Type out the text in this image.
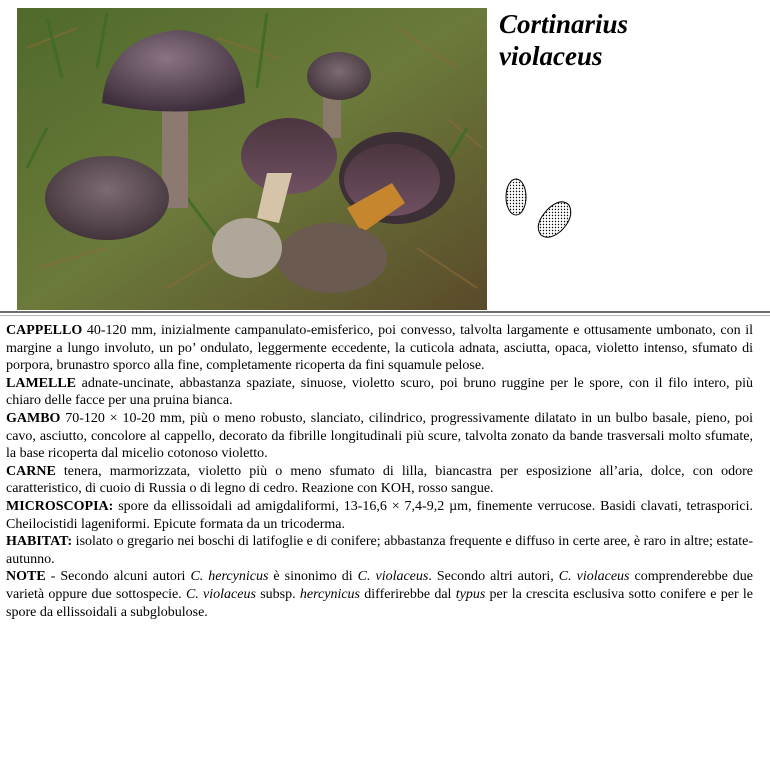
Cortinarius
violaceus

CAPPELLO 40-120 mm, inizialmente campanulato-emisferico, poi convesso, talvolta largamente e ottusamente umbonato, con il margine a lungo involuto, un po’ ondulato, leggermente eccedente, la cuticola adnata, asciutta, opaca, violetto intenso, sfumato di porpora, brunastro sporco alla fine, completamente ricoperta da fini squamule pelose.

LAMELLE adnate-uncinate, abbastanza spaziate, sinuose, violetto scuro, poi bruno ruggine per le spore, con il filo intero, più chiaro delle facce per una pruina bianca.

GAMBO 70-120 × 10-20 mm, più o meno robusto, slanciato, cilindrico, progressivamente dilatato in un bulbo basale, pieno, poi cavo, asciutto, concolore al cappello, decorato da fibrille longitudinali più scure, talvolta zonato da bande trasversali molto sfumate, la base ricoperta dal micelio cotonoso violetto.

CARNE tenera, marmorizzata, violetto più o meno sfumato di lilla, biancastra per esposizione all’aria, dolce, con odore caratteristico, di cuoio di Russia o di legno di cedro. Reazione con KOH, rosso sangue.

MICROSCOPIA: spore da ellissoidali ad amigdaliformi, 13-16,6 × 7,4-9,2 µm, finemente verrucose. Basidi clavati, tetrasporici. Cheilocistidi lageniformi. Epicute formata da un tricoderma.

HABITAT: isolato o gregario nei boschi di latifoglie e di conifere; abbastanza frequente e diffuso in certe aree, è raro in altre; estate-autunno.

NOTE - Secondo alcuni autori C. hercynicus è sinonimo di C. violaceus. Secondo altri autori, C. violaceus comprenderebbe due varietà oppure due sottospecie. C. violaceus subsp. hercynicus differirebbe dal typus per la crescita esclusiva sotto conifere e per le spore da ellissoidali a subglobulose.
